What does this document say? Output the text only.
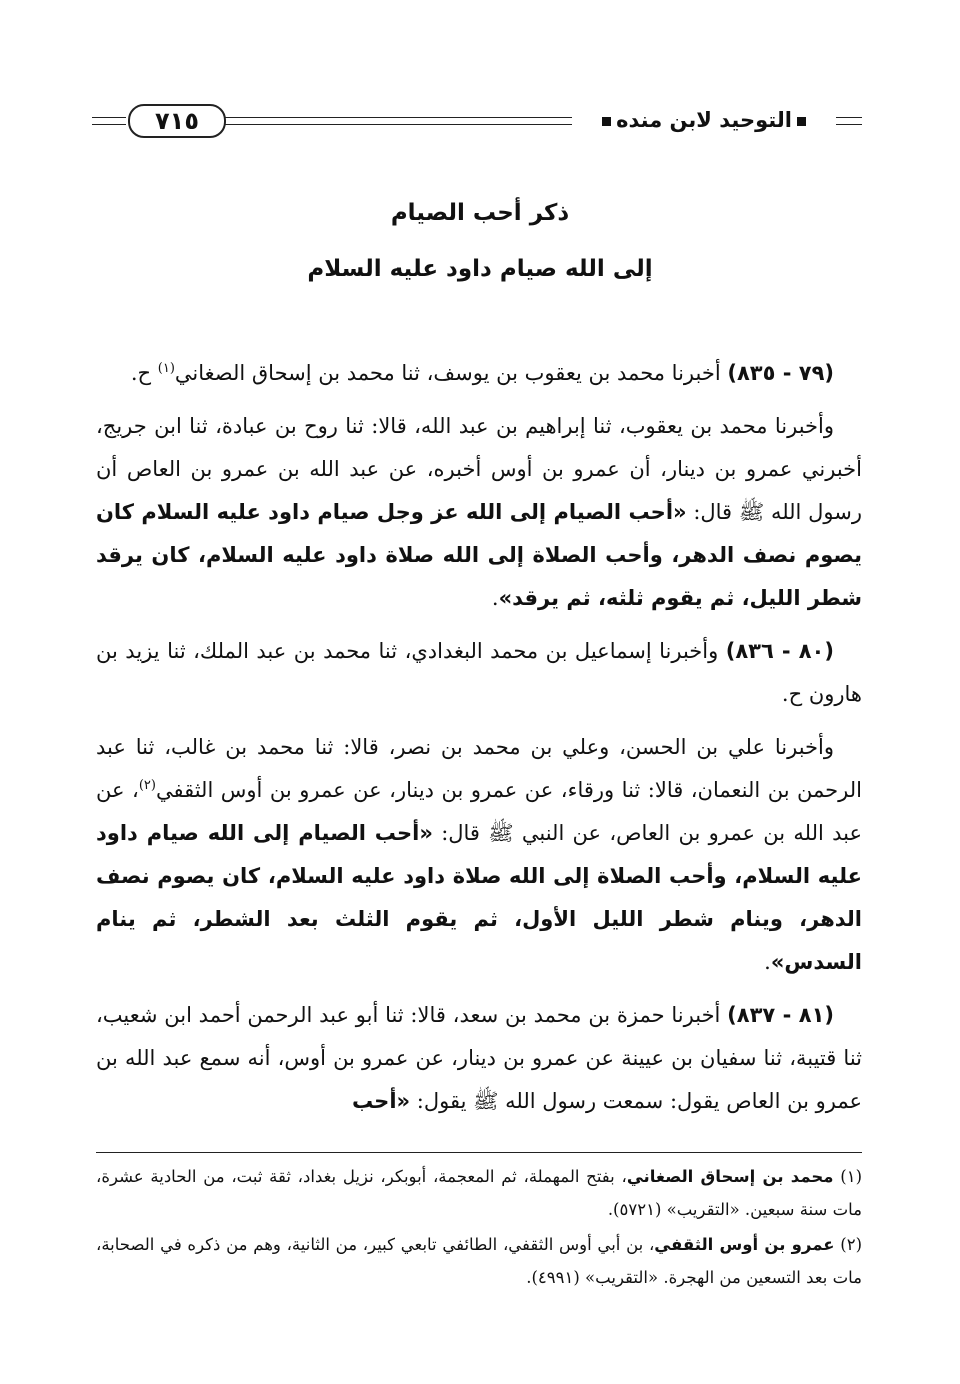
٧١٥	التوحيد لابن منده
ذكر أحب الصيام
إلى الله صيام داود عليه السلام

(٧٩ - ٨٣٥) أخبرنا محمد بن يعقوب بن يوسف، ثنا محمد بن إسحاق الصغاني$^{(١)}$ ح.

وأخبرنا محمد بن يعقوب، ثنا إبراهيم بن عبد الله، قالا: ثنا روح بن عبادة، ثنا ابن جريج، أخبرني عمرو بن دينار، أن عمرو بن أوس أخبره، عن عبد الله بن عمرو بن العاص أن رسول الله ﷺ قال: «أحب الصيام إلى الله عز وجل صيام داود عليه السلام كان يصوم نصف الدهر، وأحب الصلاة إلى الله صلاة داود عليه السلام، كان يرقد شطر الليل، ثم يقوم ثلثه، ثم يرقد».

(٨٠ - ٨٣٦) وأخبرنا إسماعيل بن محمد البغدادي، ثنا محمد بن عبد الملك، ثنا يزيد بن هارون ح.

وأخبرنا علي بن الحسن، وعلي بن محمد بن نصر، قالا: ثنا محمد بن غالب، ثنا عبد الرحمن بن النعمان، قالا: ثنا ورقاء، عن عمرو بن دينار، عن عمرو بن أوس الثقفي$^{(٢)}$، عن عبد الله بن عمرو بن العاص، عن النبي ﷺ قال: «أحب الصيام إلى الله صيام داود عليه السلام، وأحب الصلاة إلى الله صلاة داود عليه السلام، كان يصوم نصف الدهر، وينام شطر الليل الأول، ثم يقوم الثلث بعد الشطر، ثم ينام السدس».

(٨١ - ٨٣٧) أخبرنا حمزة بن محمد بن سعد، قالا: ثنا أبو عبد الرحمن أحمد ابن شعيب، ثنا قتيبة، ثنا سفيان بن عيينة عن عمرو بن دينار، عن عمرو بن أوس، أنه سمع عبد الله بن عمرو بن العاص يقول: سمعت رسول الله ﷺ يقول: «أحب

(١) محمد بن إسحاق الصغاني، بفتح المهملة، ثم المعجمة، أبوبكر، نزيل بغداد، ثقة ثبت، من الحادية عشرة، مات سنة سبعين. «التقريب» (٥٧٢١).

(٢) عمرو بن أوس الثقفي، بن أبي أوس الثقفي، الطائفي تابعي كبير، من الثانية، وهم من ذكره في الصحابة، مات بعد التسعين من الهجرة. «التقريب» (٤٩٩١).
